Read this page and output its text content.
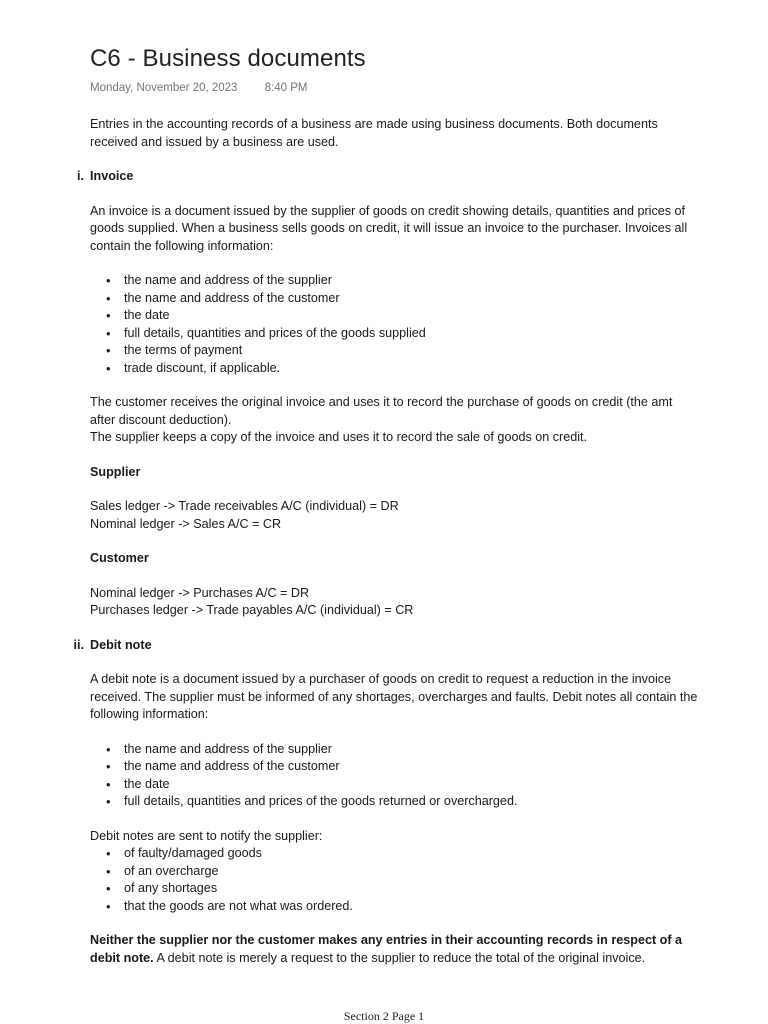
C6 - Business documents
Monday, November 20, 2023 8:40 PM

Entries in the accounting records of a business are made using business documents. Both documents received and issued by a business are used.

i. Invoice

An invoice is a document issued by the supplier of goods on credit showing details, quantities and prices of goods supplied. When a business sells goods on credit, it will issue an invoice to the purchaser. Invoices all contain the following information:

• the name and address of the supplier
• the name and address of the customer
• the date
• full details, quantities and prices of the goods supplied
• the terms of payment
• trade discount, if applicable.

The customer receives the original invoice and uses it to record the purchase of goods on credit (the amt after discount deduction).

The supplier keeps a copy of the invoice and uses it to record the sale of goods on credit.

Supplier

Sales ledger -> Trade receivables A/C (individual) = DR

Nominal ledger -> Sales A/C = CR

Customer

Nominal ledger -> Purchases A/C = DR

Purchases ledger -> Trade payables A/C (individual) = CR

ii. Debit note

A debit note is a document issued by a purchaser of goods on credit to request a reduction in the invoice received. The supplier must be informed of any shortages, overcharges and faults. Debit notes all contain the following information:

• the name and address of the supplier
• the name and address of the customer
• the date
• full details, quantities and prices of the goods returned or overcharged.

Debit notes are sent to notify the supplier:

• of faulty/damaged goods
• of an overcharge
• of any shortages
• that the goods are not what was ordered.

Neither the supplier nor the customer makes any entries in their accounting records in respect of a debit note. A debit note is merely a request to the supplier to reduce the total of the original invoice.

Section 2 Page 1
